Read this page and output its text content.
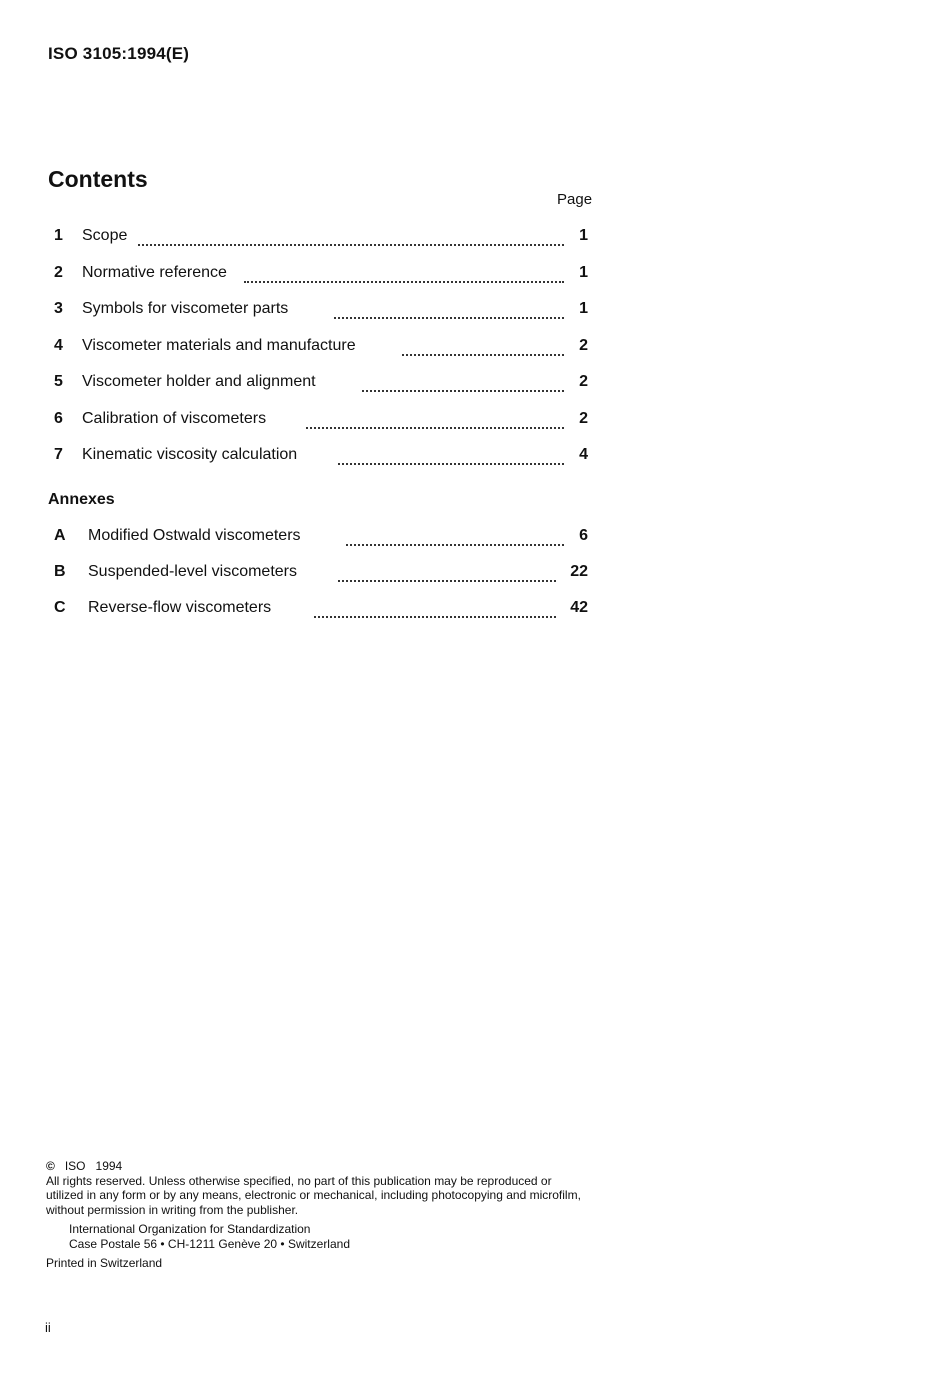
ISO 3105:1994(E)
Contents
Page
1 Scope	1
2 Normative reference	1
3 Symbols for viscometer parts	1
4 Viscometer materials and manufacture	2
5 Viscometer holder and alignment	2
6 Calibration of viscometers	2
7 Kinematic viscosity calculation	4
Annexes
A Modified Ostwald viscometers	6
B Suspended-level viscometers	22
C Reverse-flow viscometers	42

© ISO 1994

All rights reserved. Unless otherwise specified, no part of this publication may be reproduced or utilized in any form or by any means, electronic or mechanical, including photocopying and microfilm, without permission in writing from the publisher.

International Organization for Standardization
Case Postale 56 • CH-1211 Genève 20 • Switzerland

Printed in Switzerland

ii
